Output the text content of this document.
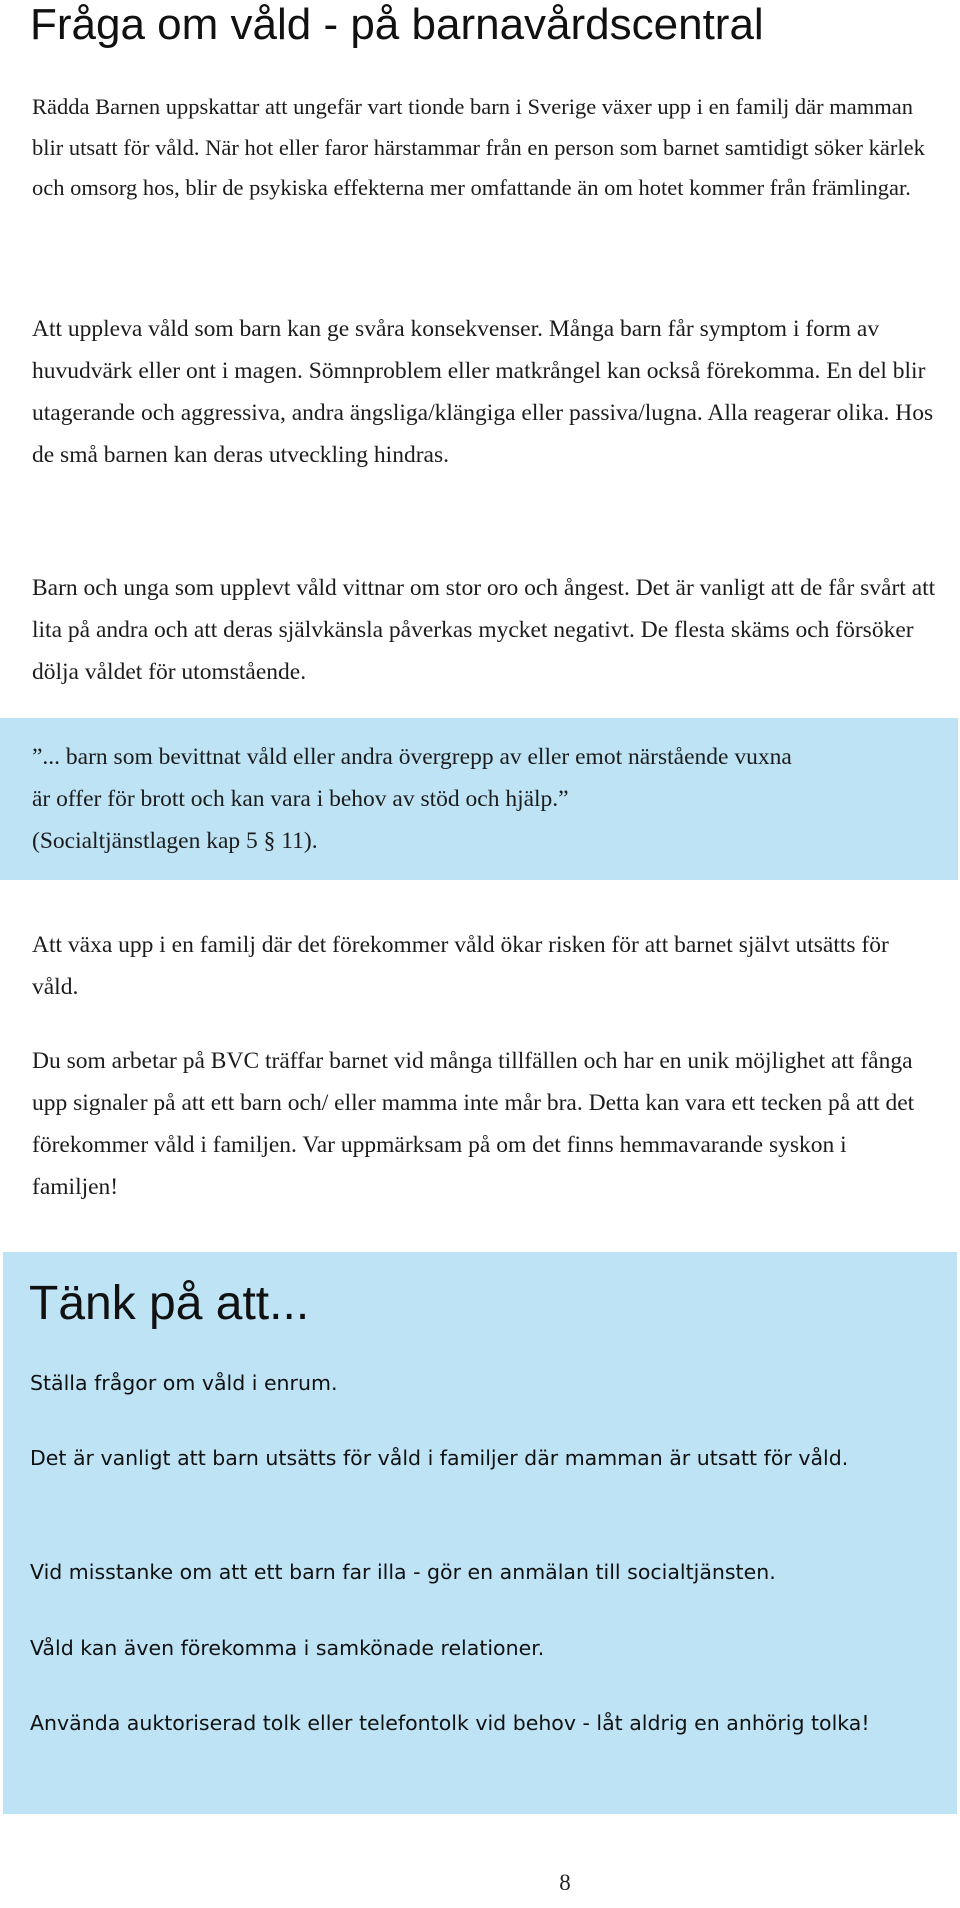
Fråga om våld - på barnavårdscentral

Rädda Barnen uppskattar att ungefär vart tionde barn i Sverige växer upp i en familj där mamman blir utsatt för våld. När hot eller faror härstammar från en person som barnet samtidigt söker kärlek och omsorg hos, blir de psykiska effekterna mer omfattande än om hotet kommer från främlingar.

Att uppleva våld som barn kan ge svåra konsekvenser. Många barn får symptom i form av huvudvärk eller ont i magen. Sömnproblem eller matkrångel kan också förekomma. En del blir utagerande och aggressiva, andra ängsliga/klängiga eller passiva/lugna. Alla reagerar olika. Hos de små barnen kan deras utveckling hindras.

Barn och unga som upplevt våld vittnar om stor oro och ångest. Det är vanligt att de får svårt att lita på andra och att deras självkänsla påverkas mycket negativt. De flesta skäms och försöker dölja våldet för utomstående.

”... barn som bevittnat våld eller andra övergrepp av eller emot närstående vuxna
är offer för brott och kan vara i behov av stöd och hjälp.”
(Socialtjänstlagen kap 5 § 11).

Att växa upp i en familj där det förekommer våld ökar risken för att barnet självt utsätts för våld.

Du som arbetar på BVC träffar barnet vid många tillfällen och har en unik möjlighet att fånga upp signaler på att ett barn och/ eller mamma inte mår bra. Detta kan vara ett tecken på att det förekommer våld i familjen. Var uppmärksam på om det finns hemmavarande syskon i familjen!

Tänk på att...

Ställa frågor om våld i enrum.

Det är vanligt att barn utsätts för våld i familjer där mamman är utsatt för våld.

Vid misstanke om att ett barn far illa - gör en anmälan till socialtjänsten.

Våld kan även förekomma i samkönade relationer.

Använda auktoriserad tolk eller telefontolk vid behov - låt aldrig en anhörig tolka!

8
